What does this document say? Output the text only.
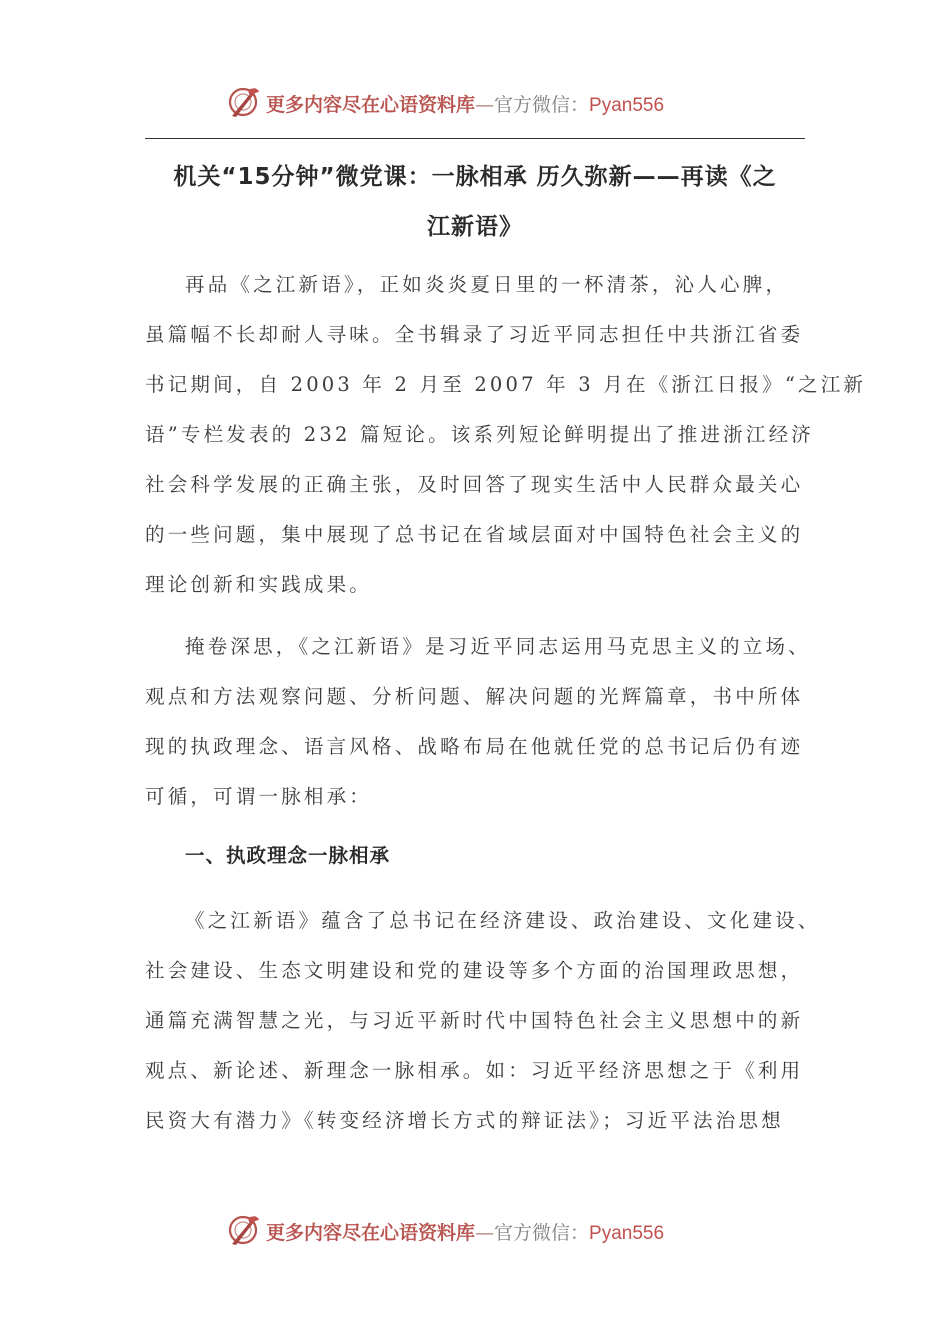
更多内容尽在心语资料库—官方微信：Pyan556
机关“15分钟”微党课：一脉相承 历久弥新——再读《之
江新语》
再品《之江新语》，正如炎炎夏日里的一杯清茶，沁人心脾，
虽篇幅不长却耐人寻味。全书辑录了习近平同志担任中共浙江省委
书记期间，自 2003 年 2 月至 2007 年 3 月在《浙江日报》“之江新
语”专栏发表的 232 篇短论。该系列短论鲜明提出了推进浙江经济
社会科学发展的正确主张，及时回答了现实生活中人民群众最关心
的一些问题，集中展现了总书记在省域层面对中国特色社会主义的
理论创新和实践成果。
掩卷深思，《之江新语》是习近平同志运用马克思主义的立场、
观点和方法观察问题、分析问题、解决问题的光辉篇章，书中所体
现的执政理念、语言风格、战略布局在他就任党的总书记后仍有迹
可循，可谓一脉相承：
一、执政理念一脉相承
《之江新语》蕴含了总书记在经济建设、政治建设、文化建设、
社会建设、生态文明建设和党的建设等多个方面的治国理政思想，
通篇充满智慧之光，与习近平新时代中国特色社会主义思想中的新
观点、新论述、新理念一脉相承。如：习近平经济思想之于《利用
民资大有潜力》《转变经济增长方式的辩证法》；习近平法治思想
更多内容尽在心语资料库—官方微信：Pyan556
